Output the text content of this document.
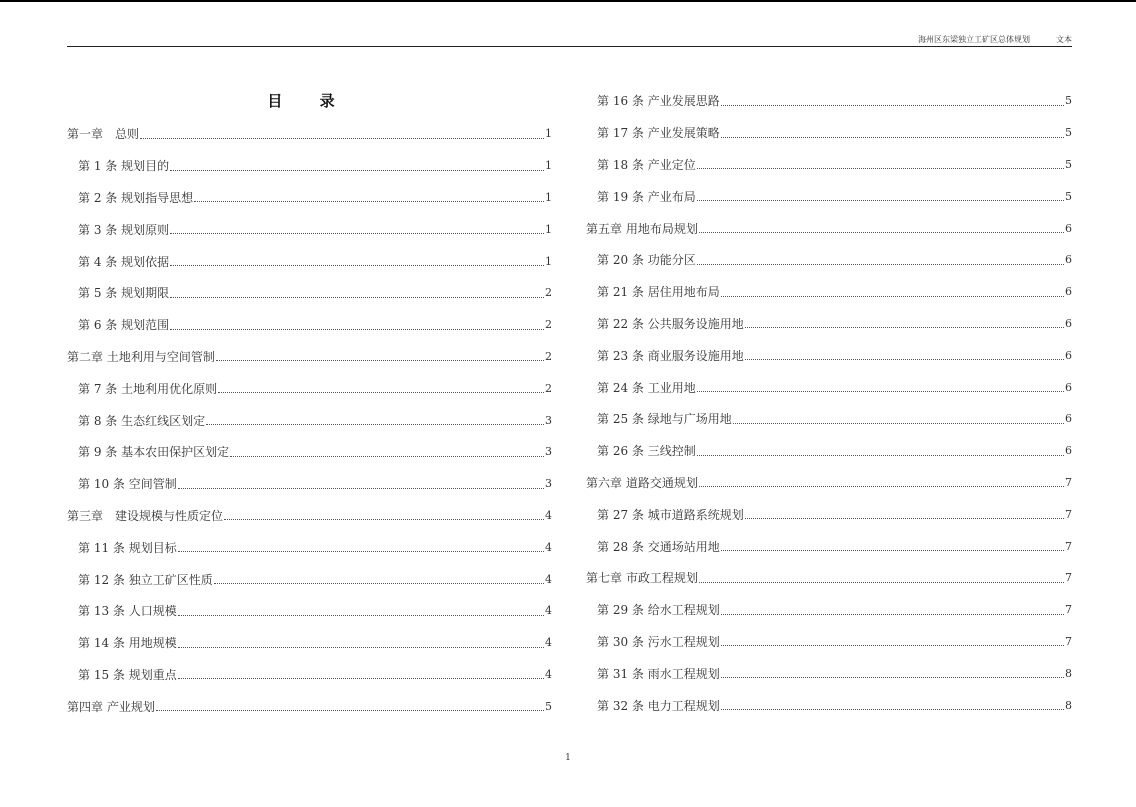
海州区东梁独立工矿区总体规划	文本
目 录
第一章　总则	1
第 1 条 规划目的	1
第 2 条 规划指导思想	1
第 3 条 规划原则	1
第 4 条 规划依据	1
第 5 条 规划期限	2
第 6 条 规划范围	2
第二章 土地利用与空间管制	2
第 7 条 土地利用优化原则	2
第 8 条 生态红线区划定	3
第 9 条 基本农田保护区划定	3
第 10 条 空间管制	3
第三章　建设规模与性质定位	4
第 11 条 规划目标	4
第 12 条 独立工矿区性质	4
第 13 条 人口规模	4
第 14 条 用地规模	4
第 15 条 规划重点	4
第四章 产业规划	5
第 16 条 产业发展思路	5
第 17 条 产业发展策略	5
第 18 条 产业定位	5
第 19 条 产业布局	5
第五章 用地布局规划	6
第 20 条 功能分区	6
第 21 条 居住用地布局	6
第 22 条 公共服务设施用地	6
第 23 条 商业服务设施用地	6
第 24 条 工业用地	6
第 25 条 绿地与广场用地	6
第 26 条 三线控制	6
第六章 道路交通规划	7
第 27 条 城市道路系统规划	7
第 28 条 交通场站用地	7
第七章 市政工程规划	7
第 29 条 给水工程规划	7
第 30 条 污水工程规划	7
第 31 条 雨水工程规划	8
第 32 条 电力工程规划	8
1
